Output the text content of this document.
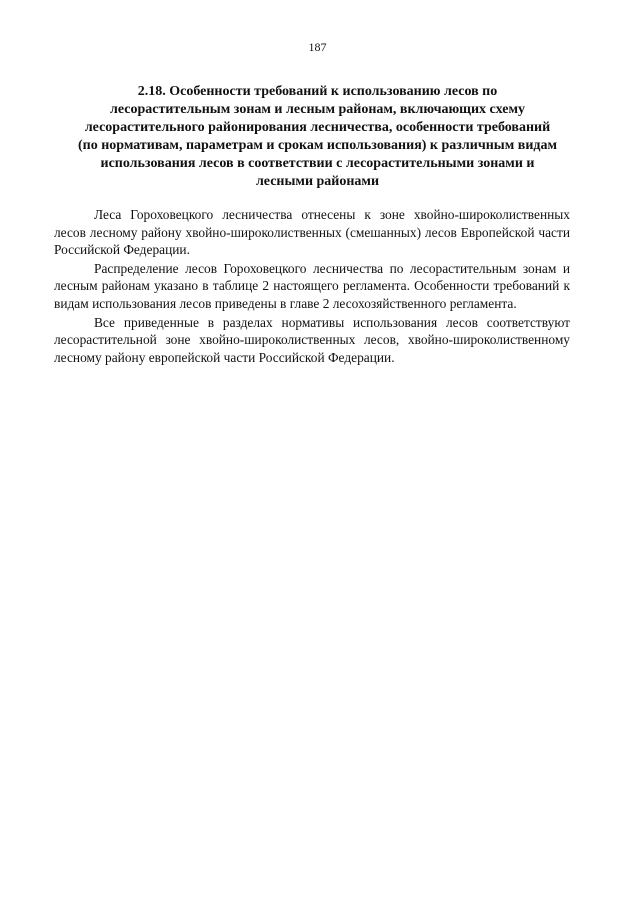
187
2.18. Особенности требований к использованию лесов по
лесорастительным зонам и лесным районам, включающих схему
лесорастительного районирования лесничества, особенности требований
(по нормативам, параметрам и срокам использования) к различным видам
использования лесов в соответствии с лесорастительными зонами и
лесными районами

Леса Гороховецкого лесничества отнесены к зоне хвойно-широколиственных лесов лесному району хвойно-широколиственных (смешанных) лесов Европейской части Российской Федерации.

Распределение лесов Гороховецкого лесничества по лесорастительным зонам и лесным районам указано в таблице 2 настоящего регламента. Особенности требований к видам использования лесов приведены в главе 2 лесохозяйственного регламента.

Все приведенные в разделах нормативы использования лесов соответствуют лесорастительной зоне хвойно-широколиственных лесов, хвойно-широколиственному лесному району европейской части Российской Федерации.
